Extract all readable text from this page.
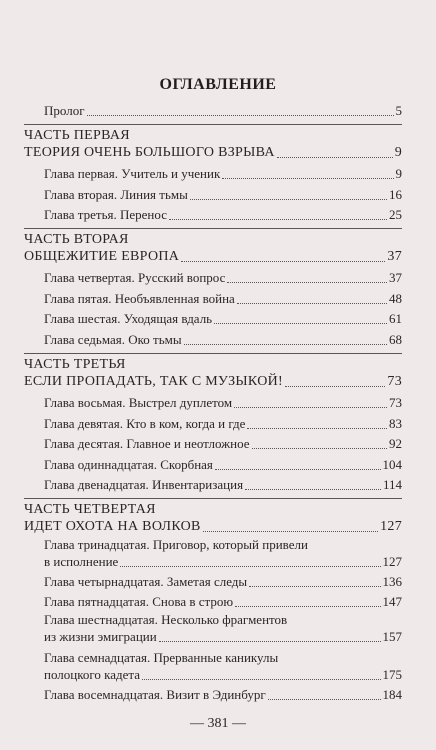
ОГЛАВЛЕНИЕ
Пролог	5
ЧАСТЬ ПЕРВАЯ
ТЕОРИЯ ОЧЕНЬ БОЛЬШОГО ВЗРЫВА	9
Глава первая. Учитель и ученик	9
Глава вторая. Линия тьмы	16
Глава третья. Перенос	25
ЧАСТЬ ВТОРАЯ
ОБЩЕЖИТИЕ ЕВРОПА	37
Глава четвертая. Русский вопрос	37
Глава пятая. Необъявленная война	48
Глава шестая. Уходящая вдаль	61
Глава седьмая. Око тьмы	68
ЧАСТЬ ТРЕТЬЯ
ЕСЛИ ПРОПАДАТЬ, ТАК С МУЗЫКОЙ!	73
Глава восьмая. Выстрел дуплетом	73
Глава девятая. Кто в ком, когда и где	83
Глава десятая. Главное и неотложное	92
Глава одиннадцатая. Скорбная	104
Глава двенадцатая. Инвентаризация	114
ЧАСТЬ ЧЕТВЕРТАЯ
ИДЕТ ОХОТА НА ВОЛКОВ	127
Глава тринадцатая. Приговор, который привели
в исполнение	127
Глава четырнадцатая. Заметая следы	136
Глава пятнадцатая. Снова в строю	147
Глава шестнадцатая. Несколько фрагментов
из жизни эмиграции	157
Глава семнадцатая. Прерванные каникулы
полоцкого кадета	175
Глава восемнадцатая. Визит в Эдинбург	184
— 381 —
